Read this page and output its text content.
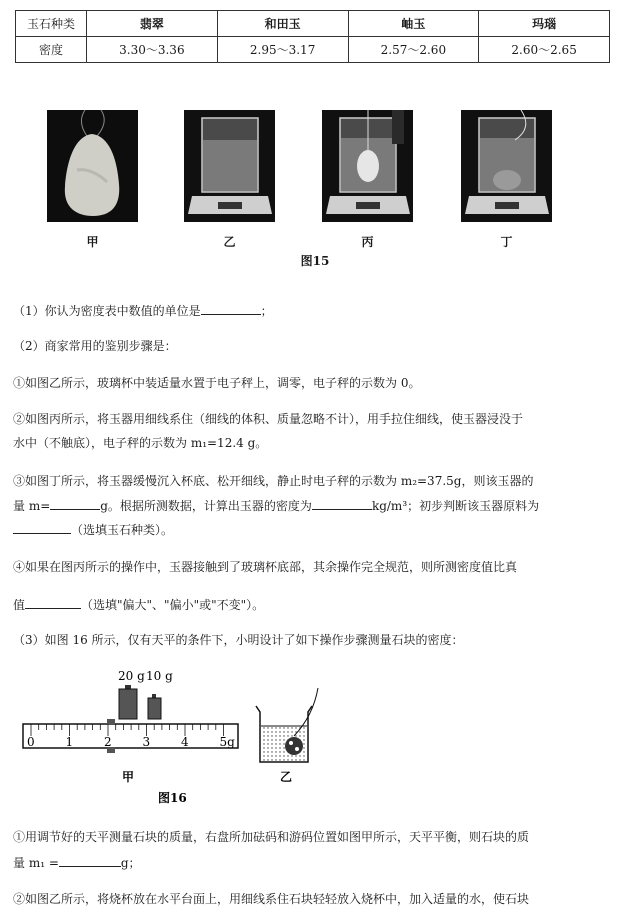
玉石种类	翡翠	和田玉	岫玉	玛瑙
密度	3.30～3.36	2.95～3.17	2.57～2.60	2.60～2.65
甲	乙	丙	丁
图15
（1）你认为密度表中数值的单位是	；
（2）商家常用的鉴别步骤是：
①如图乙所示，玻璃杯中装适量水置于电子秤上，调零，电子秤的示数为 0。
②如图丙所示，将玉器用细线系住（细线的体积、质量忽略不计），用手拉住细线，使玉器浸没于
水中（不触底），电子秤的示数为 m₁=12.4 g。
③如图丁所示，将玉器缓慢沉入杯底、松开细线，静止时电子秤的示数为 m₂=37.5g，则该玉器的
量 m=	g。根据所测数据，计算出玉器的密度为	kg/m³；初步判断该玉器原料为
（选填玉石种类）。
④如果在图丙所示的操作中，玉器接触到了玻璃杯底部，其余操作完全规范，则所测密度值比真
值	（选填"偏大"、"偏小"或"不变"）。
（3）如图 16 所示，仅有天平的条件下，小明设计了如下操作步骤测量石块的密度：
20 g 10 g
0	1	2	3	4	5g
甲	乙
图16
①用调节好的天平测量石块的质量，右盘所加砝码和游码位置如图甲所示，天平平衡，则石块的质
量 m₁ =	g；
②如图乙所示，将烧杯放在水平台面上，用细线系住石块轻轻放入烧杯中，加入适量的水，使石块
